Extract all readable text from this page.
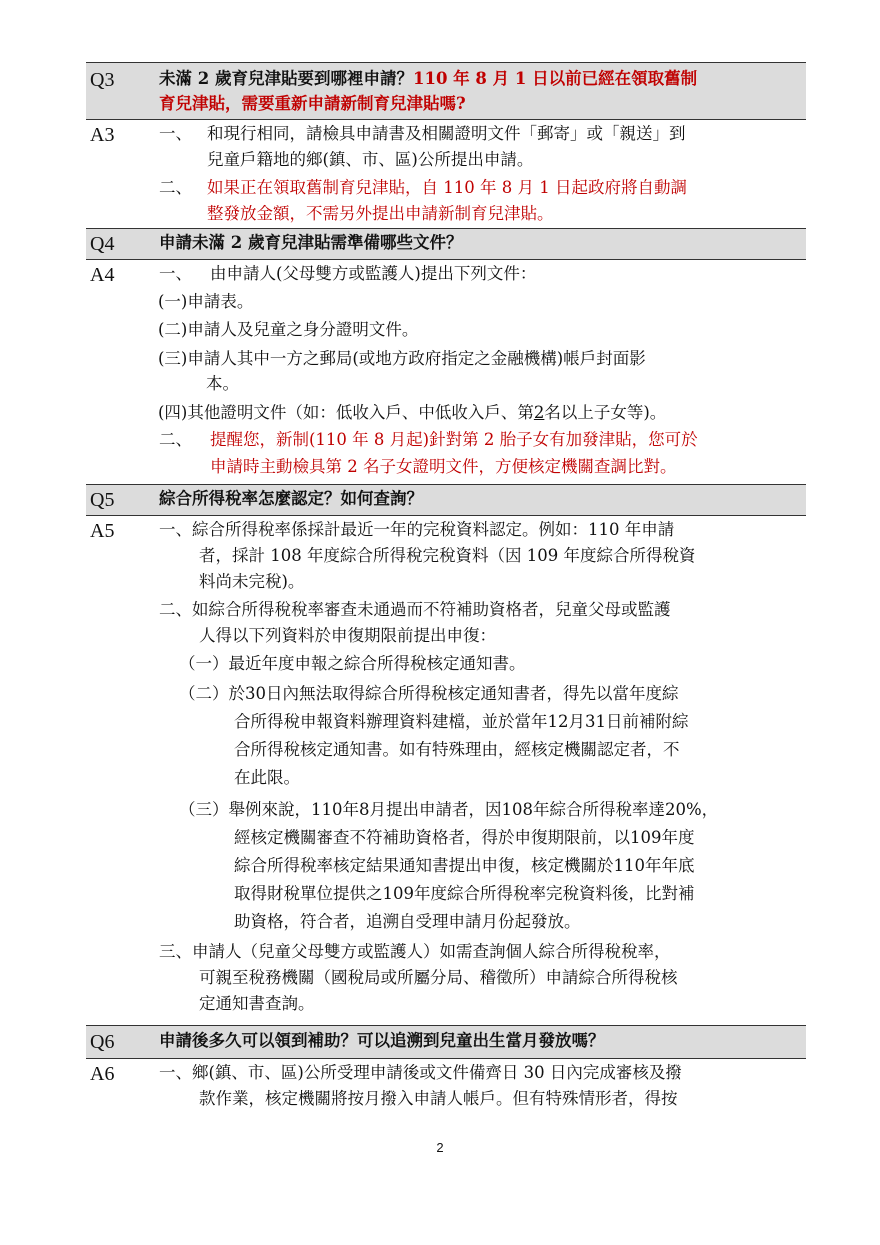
Q3	未滿 2 歲育兒津貼要到哪裡申請？110 年 8 月 1 日以前已經在領取舊制
育兒津貼，需要重新申請新制育兒津貼嗎?
A3	一、 和現行相同，請檢具申請書及相關證明文件「郵寄」或「親送」到
兒童戶籍地的鄉(鎮、市、區)公所提出申請。
二、 如果正在領取舊制育兒津貼，自 110 年 8 月 1 日起政府將自動調
整發放金額，不需另外提出申請新制育兒津貼。
Q4	申請未滿 2 歲育兒津貼需準備哪些文件？
A4	一、 由申請人(父母雙方或監護人)提出下列文件：
(一)申請表。
(二)申請人及兒童之身分證明文件。
(三)申請人其中一方之郵局(或地方政府指定之金融機構)帳戶封面影
本。
(四)其他證明文件（如：低收入戶、中低收入戶、第2名以上子女等)。
二、 提醒您，新制(110 年 8 月起)針對第 2 胎子女有加發津貼，您可於
申請時主動檢具第 2 名子女證明文件，方便核定機關查調比對。
Q5	綜合所得稅率怎麼認定？如何查詢？
A5	一、綜合所得稅率係採計最近一年的完稅資料認定。例如：110 年申請
者，採計 108 年度綜合所得稅完稅資料（因 109 年度綜合所得稅資
料尚未完稅)。
二、如綜合所得稅稅率審查未通過而不符補助資格者，兒童父母或監護
人得以下列資料於申復期限前提出申復：
（一）最近年度申報之綜合所得稅核定通知書。
（二）於30日內無法取得綜合所得稅核定通知書者，得先以當年度綜
合所得稅申報資料辦理資料建檔，並於當年12月31日前補附綜
合所得稅核定通知書。如有特殊理由，經核定機關認定者，不
在此限。
（三）舉例來說，110年8月提出申請者，因108年綜合所得稅率達20%，
經核定機關審查不符補助資格者，得於申復期限前，以109年度
綜合所得稅率核定結果通知書提出申復，核定機關於110年年底
取得財稅單位提供之109年度綜合所得稅率完稅資料後，比對補
助資格，符合者，追溯自受理申請月份起發放。
三、申請人（兒童父母雙方或監護人）如需查詢個人綜合所得稅稅率，
可親至稅務機關（國稅局或所屬分局、稽徵所）申請綜合所得稅核
定通知書查詢。
Q6	申請後多久可以領到補助？可以追溯到兒童出生當月發放嗎？
A6	一、鄉(鎮、市、區)公所受理申請後或文件備齊日 30 日內完成審核及撥
款作業，核定機關將按月撥入申請人帳戶。但有特殊情形者，得按
2
